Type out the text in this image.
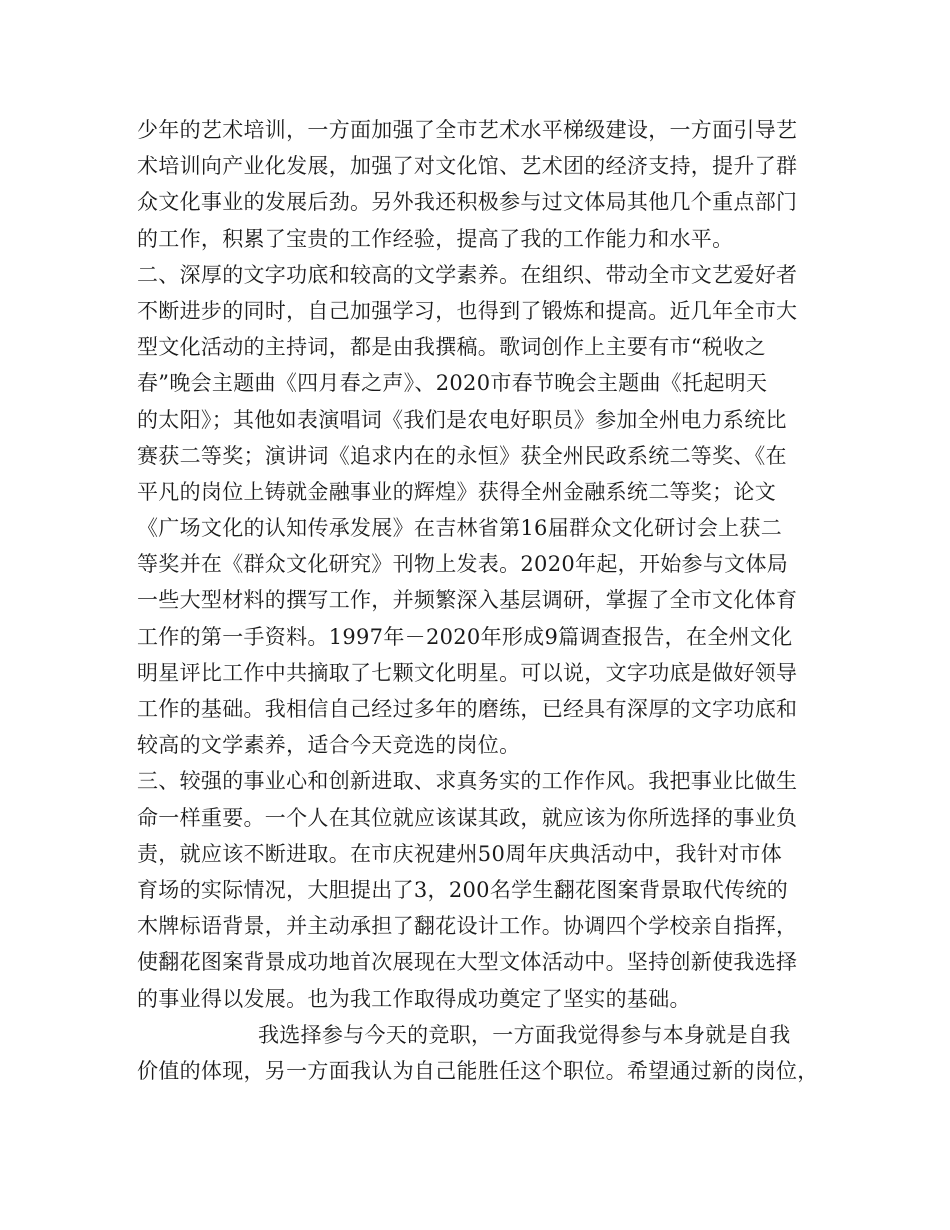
少年的艺术培训，一方面加强了全市艺术水平梯级建设，一方面引导艺
术培训向产业化发展，加强了对文化馆、艺术团的经济支持，提升了群
众文化事业的发展后劲。另外我还积极参与过文体局其他几个重点部门
的工作，积累了宝贵的工作经验，提高了我的工作能力和水平。
二、深厚的文字功底和较高的文学素养。在组织、带动全市文艺爱好者
不断进步的同时，自己加强学习，也得到了锻炼和提高。近几年全市大
型文化活动的主持词，都是由我撰稿。歌词创作上主要有市“税收之
春”晚会主题曲《四月春之声》、2020市春节晚会主题曲《托起明天
的太阳》；其他如表演唱词《我们是农电好职员》参加全州电力系统比
赛获二等奖；演讲词《追求内在的永恒》获全州民政系统二等奖、《在
平凡的岗位上铸就金融事业的辉煌》获得全州金融系统二等奖；论文
《广场文化的认知传承发展》在吉林省第16届群众文化研讨会上获二
等奖并在《群众文化研究》刊物上发表。2020年起，开始参与文体局
一些大型材料的撰写工作，并频繁深入基层调研，掌握了全市文化体育
工作的第一手资料。1997年－2020年形成9篇调查报告，在全州文化
明星评比工作中共摘取了七颗文化明星。可以说，文字功底是做好领导
工作的基础。我相信自己经过多年的磨练，已经具有深厚的文字功底和
较高的文学素养，适合今天竞选的岗位。
三、较强的事业心和创新进取、求真务实的工作作风。我把事业比做生
命一样重要。一个人在其位就应该谋其政，就应该为你所选择的事业负
责，就应该不断进取。在市庆祝建州50周年庆典活动中，我针对市体
育场的实际情况，大胆提出了3，200名学生翻花图案背景取代传统的
木牌标语背景，并主动承担了翻花设计工作。协调四个学校亲自指挥，
使翻花图案背景成功地首次展现在大型文体活动中。坚持创新使我选择
的事业得以发展。也为我工作取得成功奠定了坚实的基础。
我选择参与今天的竞职，一方面我觉得参与本身就是自我
价值的体现，另一方面我认为自己能胜任这个职位。希望通过新的岗位，
